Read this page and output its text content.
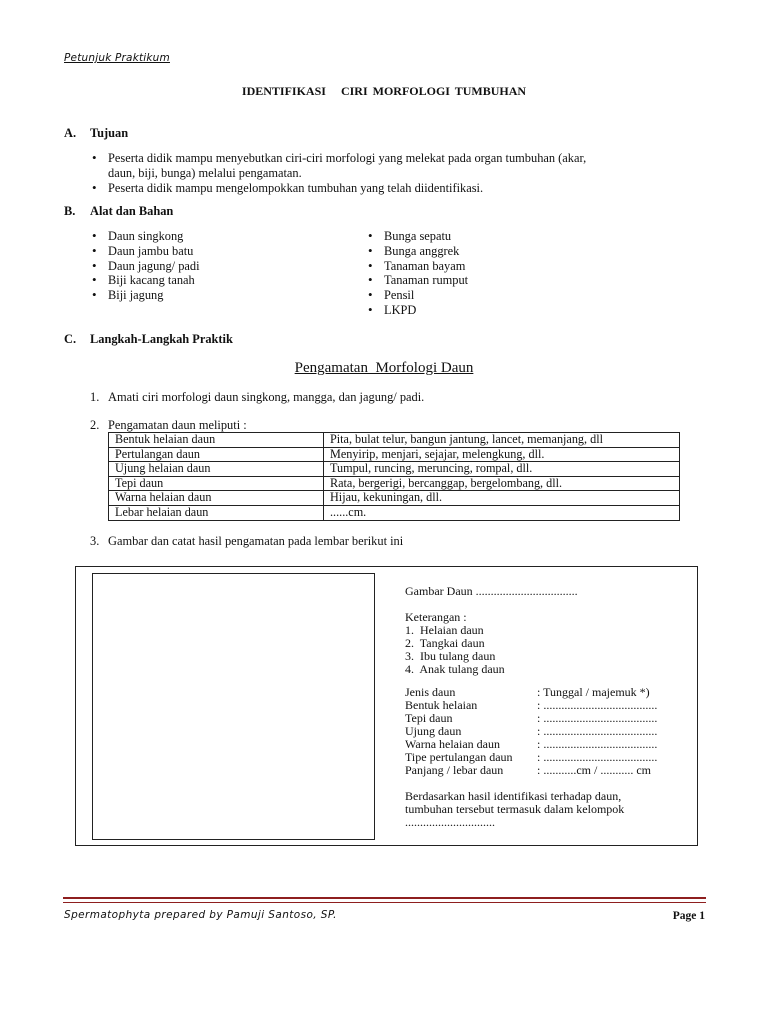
Petunjuk Praktikum
IDENTIFIKASI   CIRI MORFOLOGI TUMBUHAN
A. Tujuan
• Peserta didik mampu menyebutkan ciri-ciri morfologi yang melekat pada organ tumbuhan (akar,
daun, biji, bunga) melalui pengamatan.
• Peserta didik mampu mengelompokkan tumbuhan yang telah diidentifikasi.
B. Alat dan Bahan
• Daun singkong
• Daun jambu batu
• Daun jagung/ padi
• Biji kacang tanah
• Biji jagung
• Bunga sepatu
• Bunga anggrek
• Tanaman bayam
• Tanaman rumput
• Pensil
• LKPD
C. Langkah-Langkah Praktik
Pengamatan  Morfologi Daun
1. Amati ciri morfologi daun singkong, mangga, dan jagung/ padi.
2. Pengamatan daun meliputi :
Bentuk helaian daun	Pita, bulat telur, bangun jantung, lancet, memanjang, dll
Pertulangan daun	Menyirip, menjari, sejajar, melengkung, dll.
Ujung helaian daun	Tumpul, runcing, meruncing, rompal, dll.
Tepi daun	Rata, bergerigi, bercanggap, bergelombang, dll.
Warna helaian daun	Hijau, kekuningan, dll.
Lebar helaian daun	......cm.
3. Gambar dan catat hasil pengamatan pada lembar berikut ini
Gambar Daun ..................................
Keterangan :
1.  Helaian daun
2.  Tangkai daun
3.  Ibu tulang daun
4.  Anak tulang daun
Jenis daun	: Tunggal / majemuk *)
Bentuk helaian	: ......................................
Tepi daun	: ......................................
Ujung daun	: ......................................
Warna helaian daun	: ......................................
Tipe pertulangan daun : ......................................
Panjang / lebar daun	: ...........cm / ........... cm
Berdasarkan hasil identifikasi terhadap daun,
tumbuhan tersebut termasuk dalam kelompok
..............................
Spermatophyta prepared by Pamuji Santoso, SP.	Page 1
